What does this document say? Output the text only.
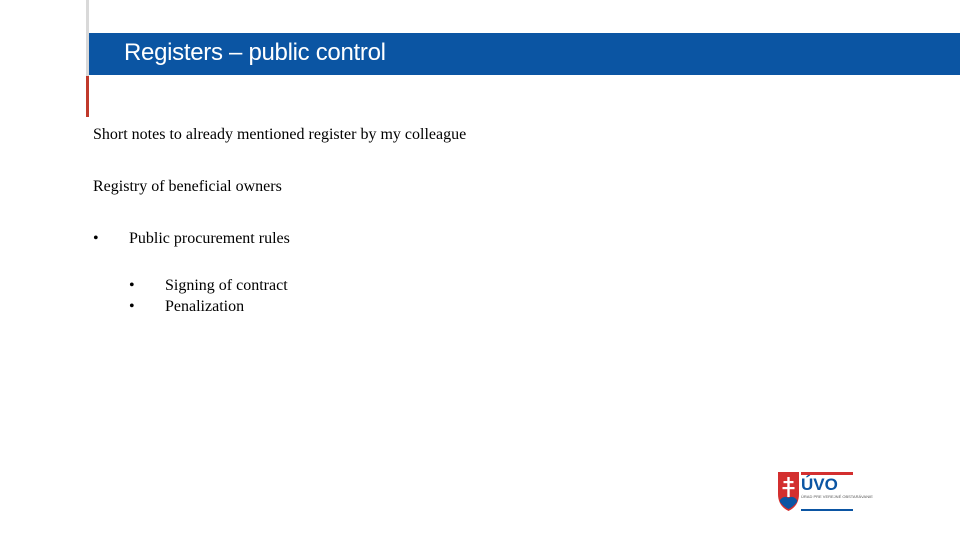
Registers – public control
Short notes to already mentioned register by my colleague
Registry of beneficial owners
• Public procurement rules
• Signing of contract
• Penalization
ÚVO
ÚRAD PRE VEREJNÉ OBSTARÁVANIE
